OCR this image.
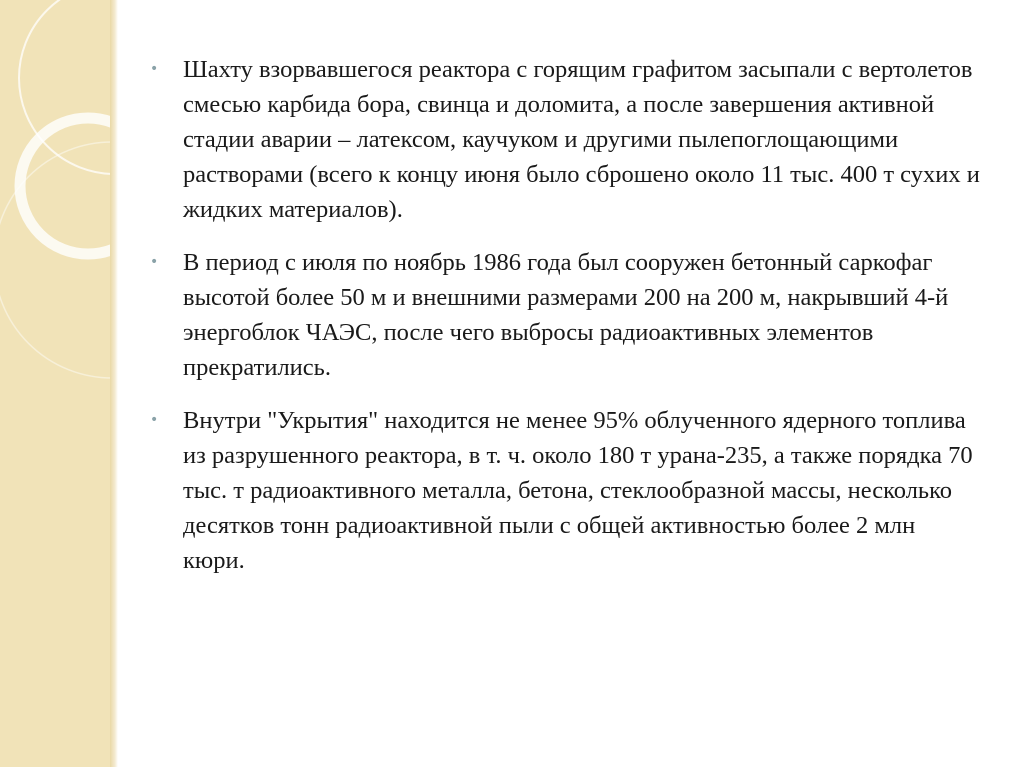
• Шахту взорвавшегося реактора с горящим графитом засыпали с вертолетов смесью карбида бора, свинца и доломита, а после завершения активной стадии аварии – латексом, каучуком и другими пылепоглощающими растворами (всего к концу июня было сброшено около 11 тыс. 400 т сухих и жидких материалов).
• В период с июля по ноябрь 1986 года был сооружен бетонный саркофаг высотой более 50 м и внешними размерами 200 на 200 м, накрывший 4-й энергоблок ЧАЭС, после чего выбросы радиоактивных элементов прекратились.
• Внутри "Укрытия" находится не менее 95% облученного ядерного топлива из разрушенного реактора, в т. ч. около 180 т урана-235, а также порядка 70 тыс. т радиоактивного металла, бетона, стеклообразной массы, несколько десятков тонн радиоактивной пыли с общей активностью более 2 млн кюри.
